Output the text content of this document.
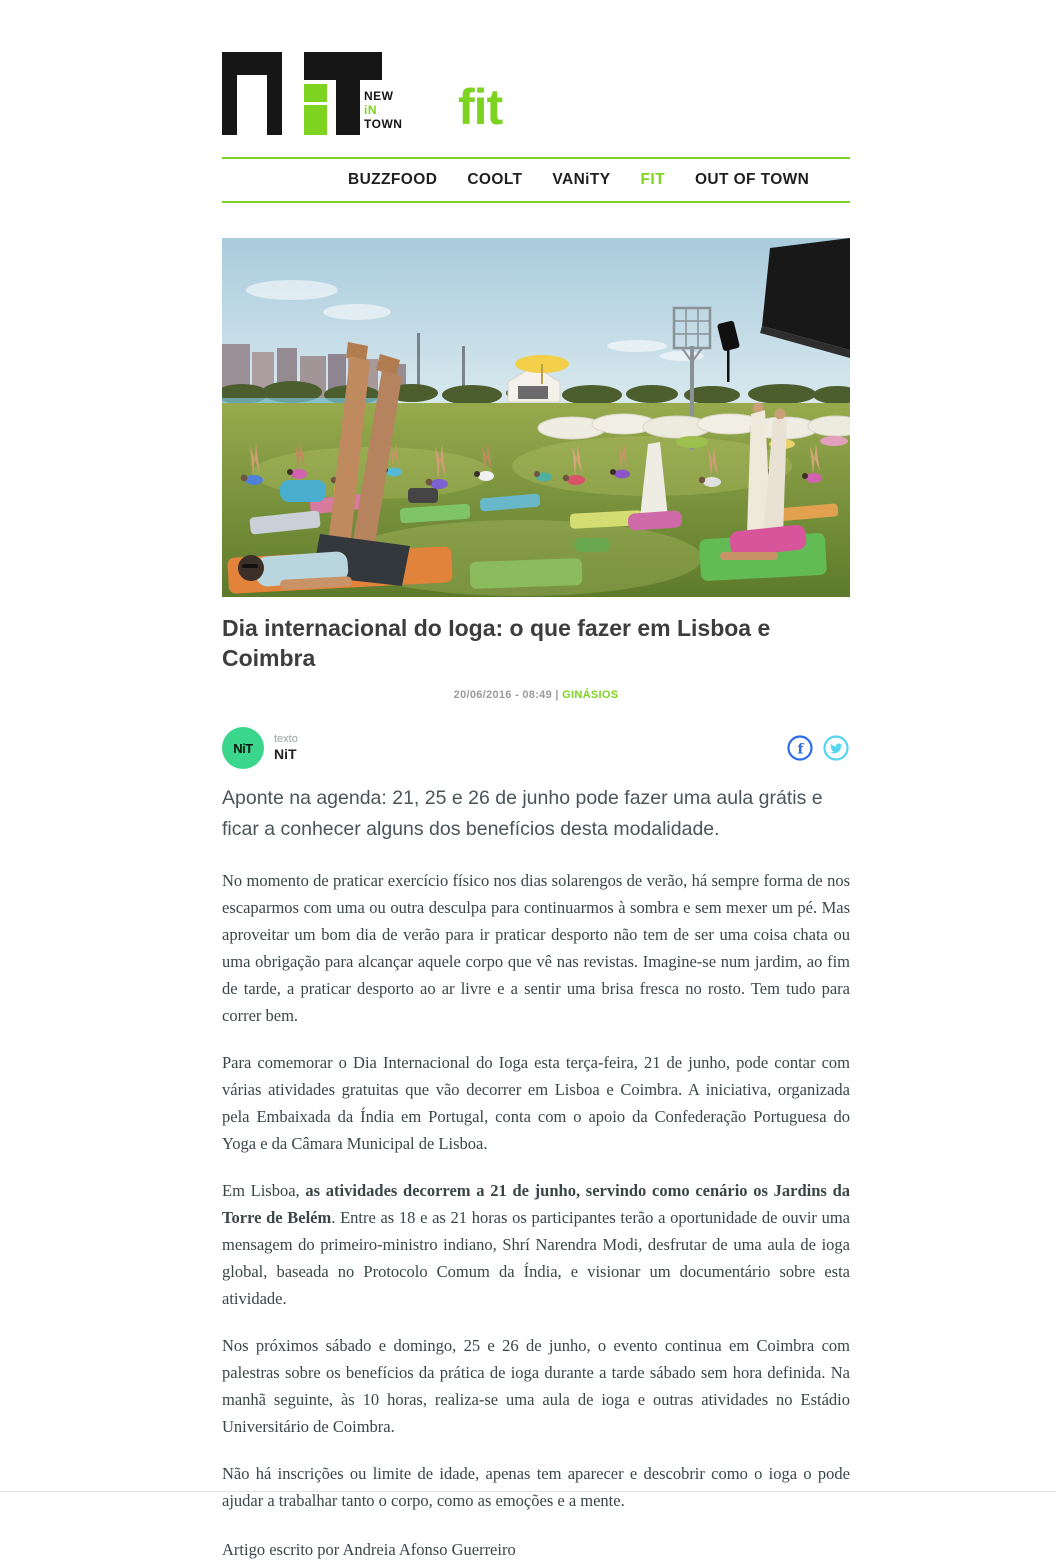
NEW
iN
TOWN fit
BUZZFOOD COOLT VANiTY FIT OUT OF TOWN
Dia internacional do Ioga: o que fazer em Lisboa e Coimbra
20/06/2016 - 08:49 | GINÁSIOS
NiT
texto
NiT	f

Aponte na agenda: 21, 25 e 26 de junho pode fazer uma aula grátis e ficar a conhecer alguns dos benefícios desta modalidade.

No momento de praticar exercício físico nos dias solarengos de verão, há sempre forma de nos escaparmos com uma ou outra desculpa para continuarmos à sombra e sem mexer um pé. Mas aproveitar um bom dia de verão para ir praticar desporto não tem de ser uma coisa chata ou uma obrigação para alcançar aquele corpo que vê nas revistas. Imagine-se num jardim, ao fim de tarde, a praticar desporto ao ar livre e a sentir uma brisa fresca no rosto. Tem tudo para correr bem.

Para comemorar o Dia Internacional do Ioga esta terça-feira, 21 de junho, pode contar com várias atividades gratuitas que vão decorrer em Lisboa e Coimbra. A iniciativa, organizada pela Embaixada da Índia em Portugal, conta com o apoio da Confederação Portuguesa do Yoga e da Câmara Municipal de Lisboa.

Em Lisboa, as atividades decorrem a 21 de junho, servindo como cenário os Jardins da Torre de Belém. Entre as 18 e as 21 horas os participantes terão a oportunidade de ouvir uma mensagem do primeiro-ministro indiano, Shrí Narendra Modi, desfrutar de uma aula de ioga global, baseada no Protocolo Comum da Índia, e visionar um documentário sobre esta atividade.

Nos próximos sábado e domingo, 25 e 26 de junho, o evento continua em Coimbra com palestras sobre os benefícios da prática de ioga durante a tarde sábado sem hora definida. Na manhã seguinte, às 10 horas, realiza-se uma aula de ioga e outras atividades no Estádio Universitário de Coimbra.

Não há inscrições ou limite de idade, apenas tem aparecer e descobrir como o ioga o pode ajudar a trabalhar tanto o corpo, como as emoções e a mente.

Artigo escrito por Andreia Afonso Guerreiro
